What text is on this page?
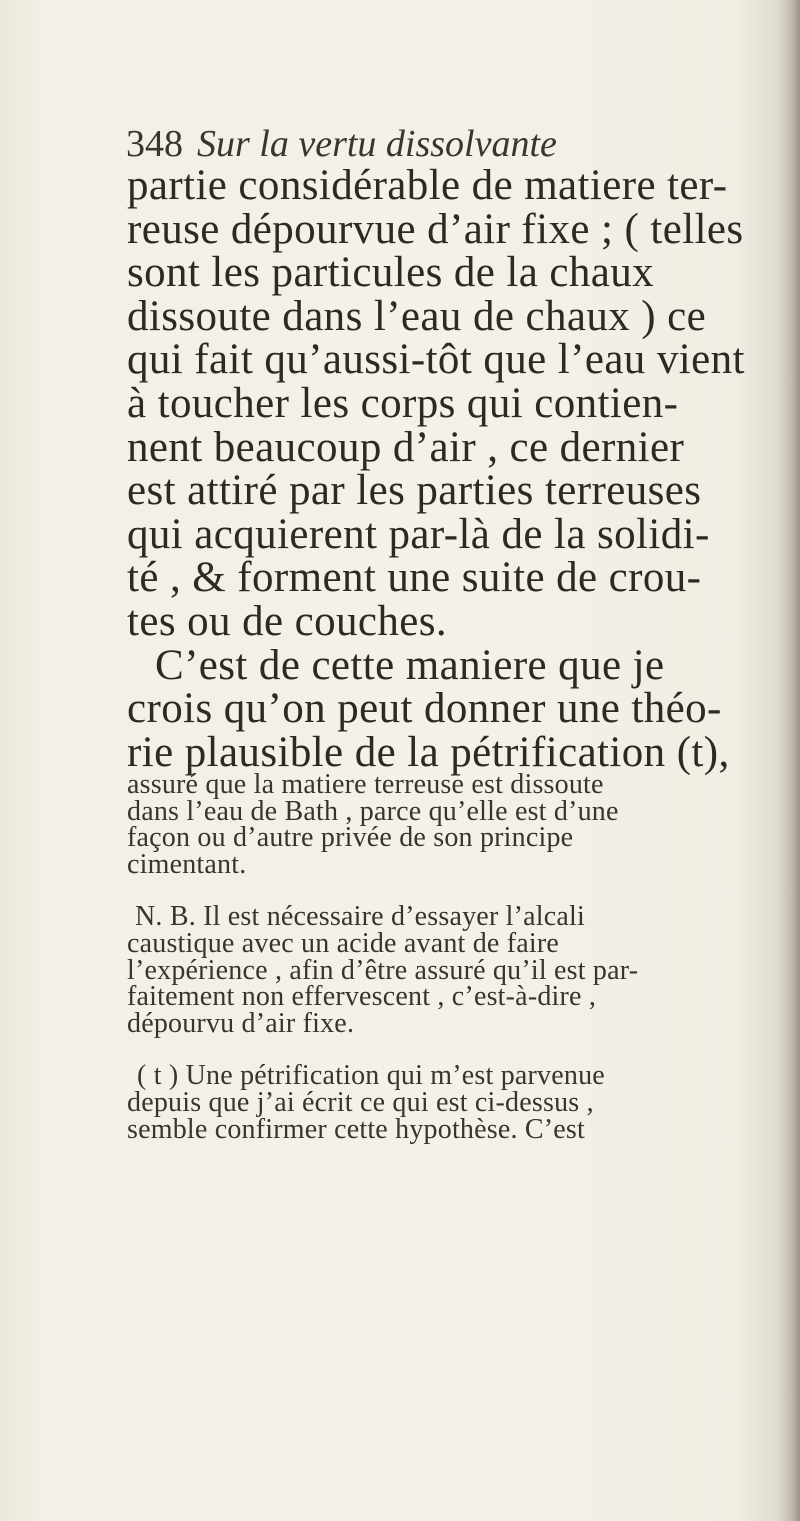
348 Sur la vertu dissolvante
partie considérable de matiere ter-
reuse dépourvue d’air fixe ; ( telles
sont les particules de la chaux
dissoute dans l’eau de chaux ) ce
qui fait qu’aussi-tôt que l’eau vient
à toucher les corps qui contien-
nent beaucoup d’air , ce dernier
est attiré par les parties terreuses
qui acquierent par-là de la solidi-
té , & forment une suite de crou-
tes ou de couches.
C’est de cette maniere que je
crois qu’on peut donner une théo-
rie plausible de la pétrification (t),
assuré que la matiere terreuse est dissoute
dans l’eau de Bath , parce qu’elle est d’une
façon ou d’autre privée de son principe
cimentant.
N. B. Il est nécessaire d’essayer l’alcali
caustique avec un acide avant de faire
l’expérience , afin d’être assuré qu’il est par-
faitement non effervescent , c’est-à-dire ,
dépourvu d’air fixe.
( t ) Une pétrification qui m’est parvenue
depuis que j’ai écrit ce qui est ci-dessus ,
semble confirmer cette hypothèse. C’est
